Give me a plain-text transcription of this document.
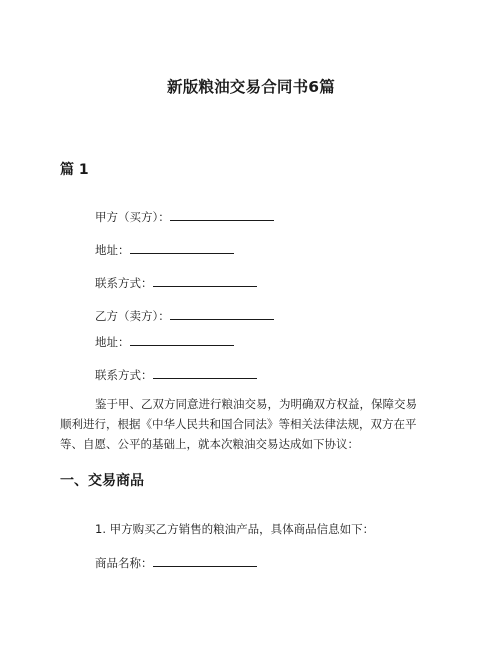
新版粮油交易合同书6篇
篇 1
甲方（买方）：
地址：
联系方式：
乙方（卖方）：
地址：
联系方式：
鉴于甲、乙双方同意进行粮油交易，为明确双方权益，保障交易
顺利进行，根据《中华人民共和国合同法》等相关法律法规，双方在平
等、自愿、公平的基础上，就本次粮油交易达成如下协议：
一、交易商品
1. 甲方购买乙方销售的粮油产品，具体商品信息如下：
商品名称：
